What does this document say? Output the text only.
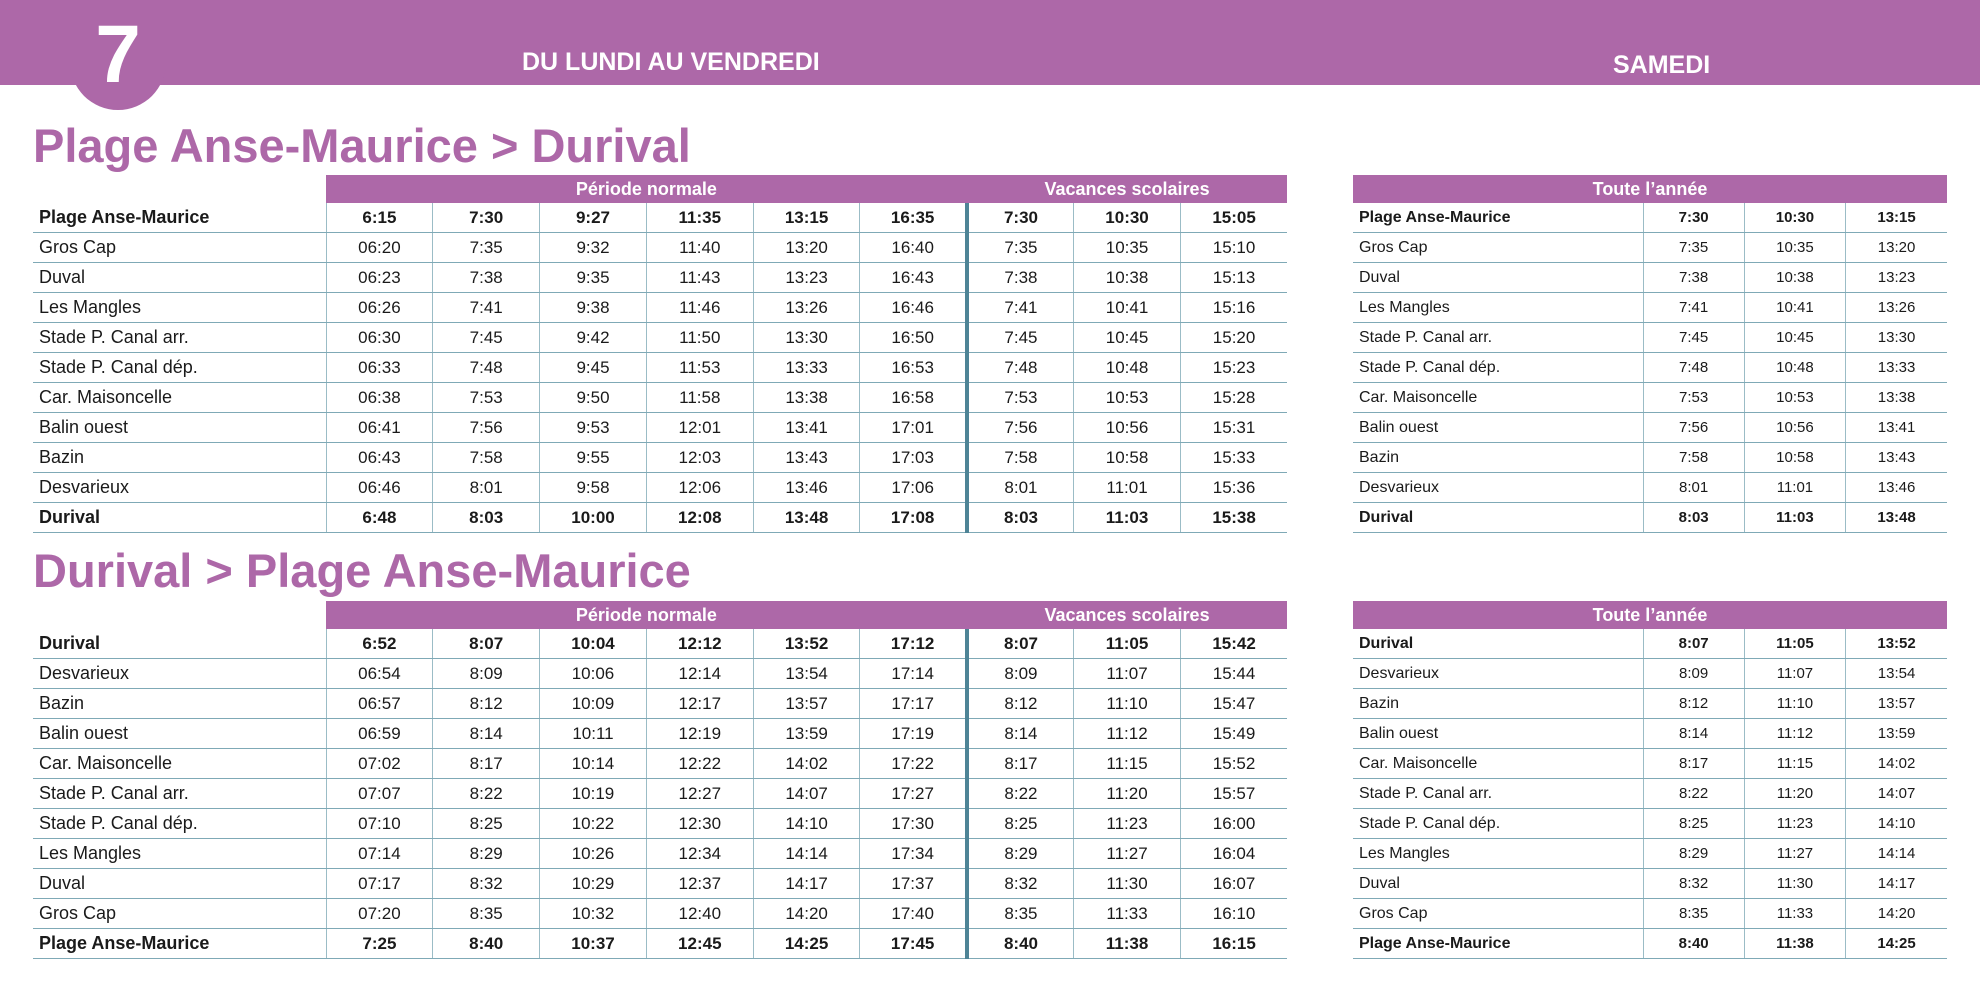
7	DU LUNDI AU VENDREDI	SAMEDI
Plage Anse-Maurice > Durival
	Période normale						Vacances scolaires		
Plage Anse-Maurice	6:15	7:30	9:27	11:35	13:15	16:35	7:30	10:30	15:05
Gros Cap	06:20	7:35	9:32	11:40	13:20	16:40	7:35	10:35	15:10
Duval	06:23	7:38	9:35	11:43	13:23	16:43	7:38	10:38	15:13
Les Mangles	06:26	7:41	9:38	11:46	13:26	16:46	7:41	10:41	15:16
Stade P. Canal arr.	06:30	7:45	9:42	11:50	13:30	16:50	7:45	10:45	15:20
Stade P. Canal dép.	06:33	7:48	9:45	11:53	13:33	16:53	7:48	10:48	15:23
Car. Maisoncelle	06:38	7:53	9:50	11:58	13:38	16:58	7:53	10:53	15:28
Balin ouest	06:41	7:56	9:53	12:01	13:41	17:01	7:56	10:56	15:31
Bazin	06:43	7:58	9:55	12:03	13:43	17:03	7:58	10:58	15:33
Desvarieux	06:46	8:01	9:58	12:06	13:46	17:06	8:01	11:01	15:36
Durival	6:48	8:03	10:00	12:08	13:48	17:08	8:03	11:03	15:38
Toute l’année			
Plage Anse-Maurice	7:30	10:30	13:15
Gros Cap	7:35	10:35	13:20
Duval	7:38	10:38	13:23
Les Mangles	7:41	10:41	13:26
Stade P. Canal arr.	7:45	10:45	13:30
Stade P. Canal dép.	7:48	10:48	13:33
Car. Maisoncelle	7:53	10:53	13:38
Balin ouest	7:56	10:56	13:41
Bazin	7:58	10:58	13:43
Desvarieux	8:01	11:01	13:46
Durival	8:03	11:03	13:48
Durival > Plage Anse-Maurice
	Période normale						Vacances scolaires		
Durival	6:52	8:07	10:04	12:12	13:52	17:12	8:07	11:05	15:42
Desvarieux	06:54	8:09	10:06	12:14	13:54	17:14	8:09	11:07	15:44
Bazin	06:57	8:12	10:09	12:17	13:57	17:17	8:12	11:10	15:47
Balin ouest	06:59	8:14	10:11	12:19	13:59	17:19	8:14	11:12	15:49
Car. Maisoncelle	07:02	8:17	10:14	12:22	14:02	17:22	8:17	11:15	15:52
Stade P. Canal arr.	07:07	8:22	10:19	12:27	14:07	17:27	8:22	11:20	15:57
Stade P. Canal dép.	07:10	8:25	10:22	12:30	14:10	17:30	8:25	11:23	16:00
Les Mangles	07:14	8:29	10:26	12:34	14:14	17:34	8:29	11:27	16:04
Duval	07:17	8:32	10:29	12:37	14:17	17:37	8:32	11:30	16:07
Gros Cap	07:20	8:35	10:32	12:40	14:20	17:40	8:35	11:33	16:10
Plage Anse-Maurice	7:25	8:40	10:37	12:45	14:25	17:45	8:40	11:38	16:15
Toute l’année			
Durival	8:07	11:05	13:52
Desvarieux	8:09	11:07	13:54
Bazin	8:12	11:10	13:57
Balin ouest	8:14	11:12	13:59
Car. Maisoncelle	8:17	11:15	14:02
Stade P. Canal arr.	8:22	11:20	14:07
Stade P. Canal dép.	8:25	11:23	14:10
Les Mangles	8:29	11:27	14:14
Duval	8:32	11:30	14:17
Gros Cap	8:35	11:33	14:20
Plage Anse-Maurice	8:40	11:38	14:25
